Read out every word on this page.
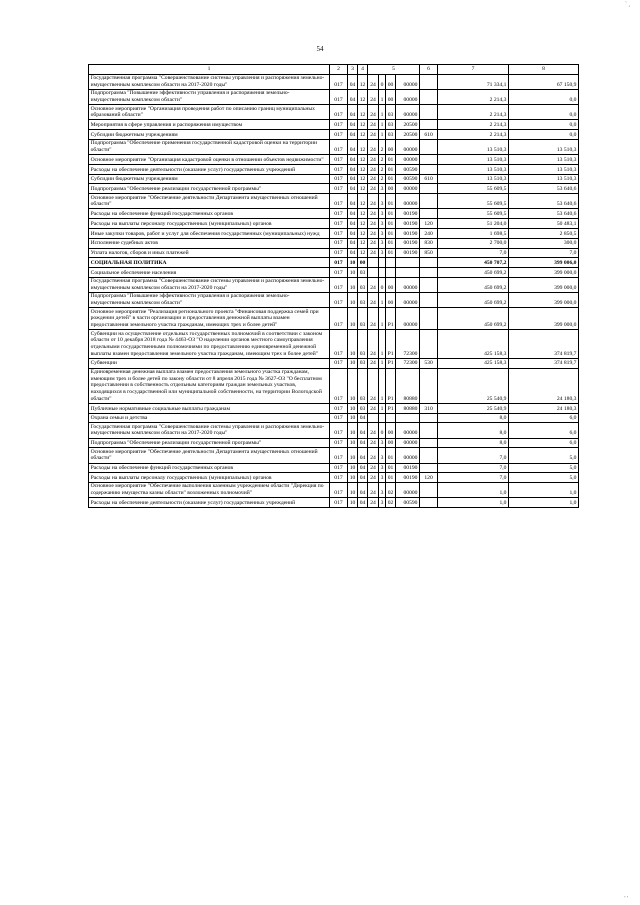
54
` ,
' '
1	2	3	4	5				6	7	8
Государственная программа "Совершенствование системы управления и распоряжения земельно-имущественным комплексом области на 2017-2020 годы"	017	04	12	24	0	00	00000		71 334,1	67 150,9
Подпрограмма "Повышение эффективности управления и распоряжения земельно-имущественным комплексом области"	017	04	12	24	1	00	00000		2 214,3	0,0
Основное мероприятие "Организация проведения работ по описанию границ муниципальных образований области"	017	04	12	24	1	03	00000		2 214,3	0,0
Мероприятия в сфере управления и распоряжения имуществом	017	04	12	24	1	03	20500		2 214,3	0,0
Субсидии бюджетным учреждениям	017	04	12	24	1	03	20500	610	2 214,3	0,0
Подпрограмма "Обеспечение применения государственной кадастровой оценки на территории области"	017	04	12	24	2	00	00000		13 510,3	13 510,3
Основное мероприятие "Организация кадастровой оценки в отношении объектов недвижимости"	017	04	12	24	2	01	00000		13 510,3	13 510,3
Расходы на обеспечение деятельности (оказание услуг) государственных учреждений	017	04	12	24	2	01	00590		13 510,3	13 510,3
Субсидии бюджетным учреждениям	017	04	12	24	2	01	00590	610	13 510,3	13 510,3
Подпрограмма "Обеспечение реализации государственной программы"	017	04	12	24	3	00	00000		55 609,5	53 640,6
Основное мероприятие "Обеспечение деятельности Департамента имущественных отношений области"	017	04	12	24	3	01	00000		55 609,5	53 640,6
Расходы на обеспечение функций государственных органов	017	04	12	24	3	01	00190		55 609,5	53 640,6
Расходы на выплаты персоналу государственных (муниципальных) органов	017	04	12	24	3	01	00190	120	51 204,0	50 483,1
Иные закупки товаров, работ и услуг для обеспечения государственных (муниципальных) нужд	017	04	12	24	3	01	00190	240	1 698,5	2 850,5
Исполнение судебных актов	017	04	12	24	3	01	00190	830	2 700,0	300,0
Уплата налогов, сборов и иных платежей	017	04	12	24	3	01	00190	850	7,0	7,0
СОЦИАЛЬНАЯ ПОЛИТИКА	017	10	00						450 707,2	399 006,0
Социальное обеспечение населения	017	10	03						450 699,2	399 000,0
Государственная программа "Совершенствование системы управления и распоряжения земельно-имущественным комплексом области на 2017-2020 годы"	017	10	03	24	0	00	00000		450 699,2	399 000,0
Подпрограмма "Повышение эффективности управления и распоряжения земельно-имущественным комплексом области"	017	10	03	24	1	00	00000		450 699,2	399 000,0
Основное мероприятие "Реализация регионального проекта "Финансовая поддержка семей при рождении детей" в части организации и предоставления денежной выплаты взамен предоставления земельного участка гражданам, имеющих трех и более детей"	017	10	03	24	1	P1	00000		450 699,2	399 000,0
Субвенции на осуществление отдельных государственных полномочий в соответствии с законом области от 10 декабря 2018 года № 4463-ОЗ "О наделении органов местного самоуправления отдельными государственными полномочиями по предоставлению единовременной денежной выплаты взамен предоставления земельного участка гражданам, имеющим трех и более детей"	017	10	03	24	1	P1	72300		425 158,3	374 819,7
Субвенции	017	10	03	24	1	P1	72300	530	425 158,3	374 819,7
Единовременная денежная выплата взамен предоставления земельного участка гражданам, имеющим трех и более детей по закону области от 8 апреля 2015 года № 3627-ОЗ "О бесплатном предоставлении в собственность отдельным категориям граждан земельных участков, находящихся в государственной или муниципальной собственности, на территории Вологодской области"	017	10	03	24	1	P1	80880		25 540,9	24 180,3
Публичные нормативные социальные выплаты гражданам	017	10	03	24	1	P1	80880	310	25 540,9	24 180,3
Охрана семьи и детства	017	10	04						8,0	6,0
Государственная программа "Совершенствование системы управления и распоряжения земельно-имущественным комплексом области на 2017-2020 годы"	017	10	04	24	0	00	00000		8,0	6,0
Подпрограмма "Обеспечение реализации государственной программы"	017	10	04	24	3	00	00000		8,0	6,0
Основное мероприятие "Обеспечение деятельности Департамента имущественных отношений области"	017	10	04	24	3	01	00000		7,0	5,0
Расходы на обеспечение функций государственных органов	017	10	04	24	3	01	00190		7,0	5,0
Расходы на выплаты персоналу государственных (муниципальных) органов	017	10	04	24	3	01	00190	120	7,0	5,0
Основное мероприятие "Обеспечение выполнения казенным учреждением области "Дирекция по содержанию имущества казны области" возложенных полномочий"	017	10	04	24	3	02	00000		1,0	1,0
Расходы на обеспечение деятельности (оказание услуг) государственных учреждений	017	10	04	24	3	02	00590		1,0	1,0
